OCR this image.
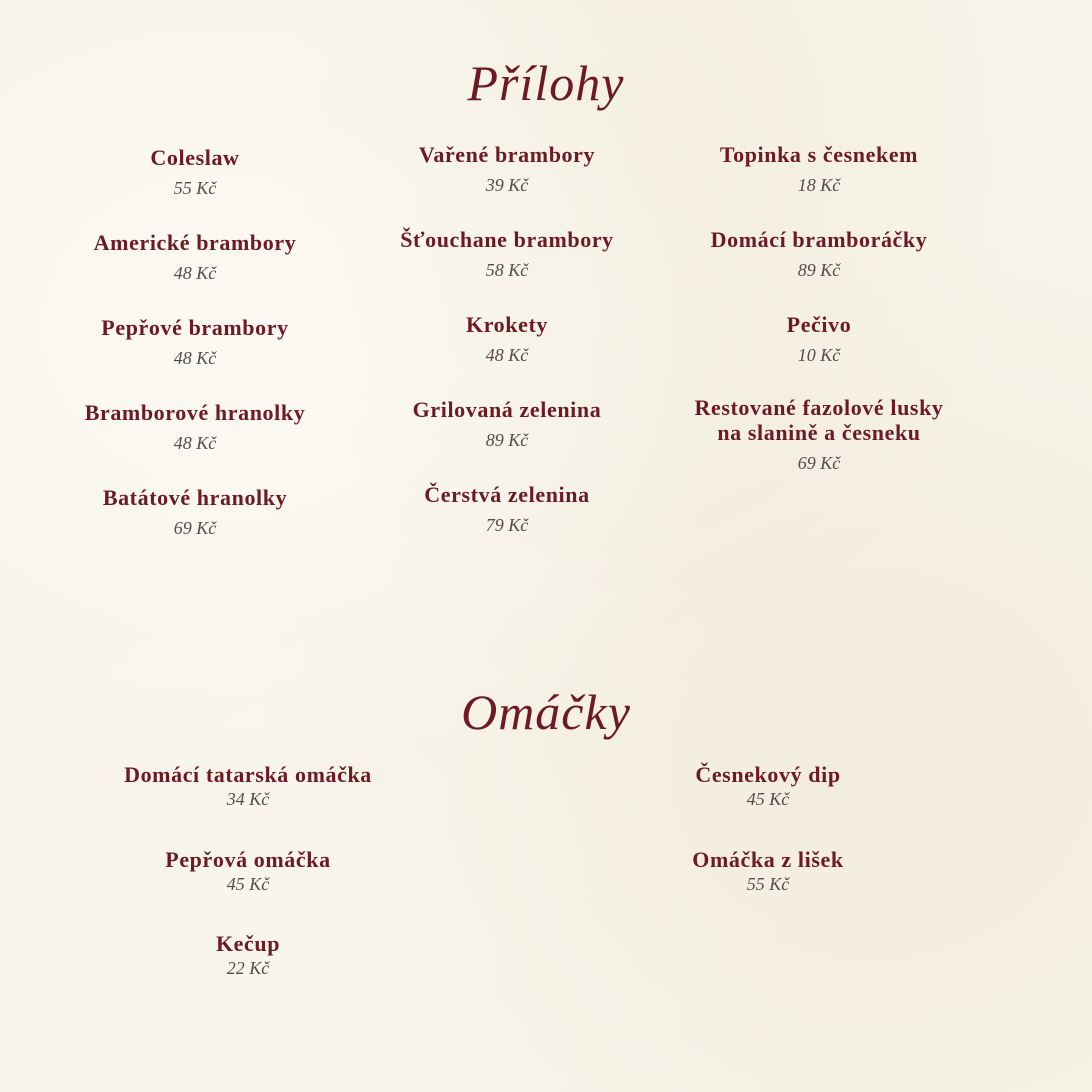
Přílohy
Coleslaw
55 Kč
Americké brambory
48 Kč
Pepřové brambory
48 Kč
Bramborové hranolky
48 Kč
Batátové hranolky
69 Kč
Vařené brambory
39 Kč
Šťouchane brambory
58 Kč
Krokety
48 Kč
Grilovaná zelenina
89 Kč
Čerstvá zelenina
79 Kč
Topinka s česnekem
18 Kč
Domácí bramboráčky
89 Kč
Pečivo
10 Kč
Restované fazolové lusky
na slanině a česneku
69 Kč
Omáčky
Domácí tatarská omáčka
34 Kč
Pepřová omáčka
45 Kč
Kečup
22 Kč
Česnekový dip
45 Kč
Omáčka z lišek
55 Kč
